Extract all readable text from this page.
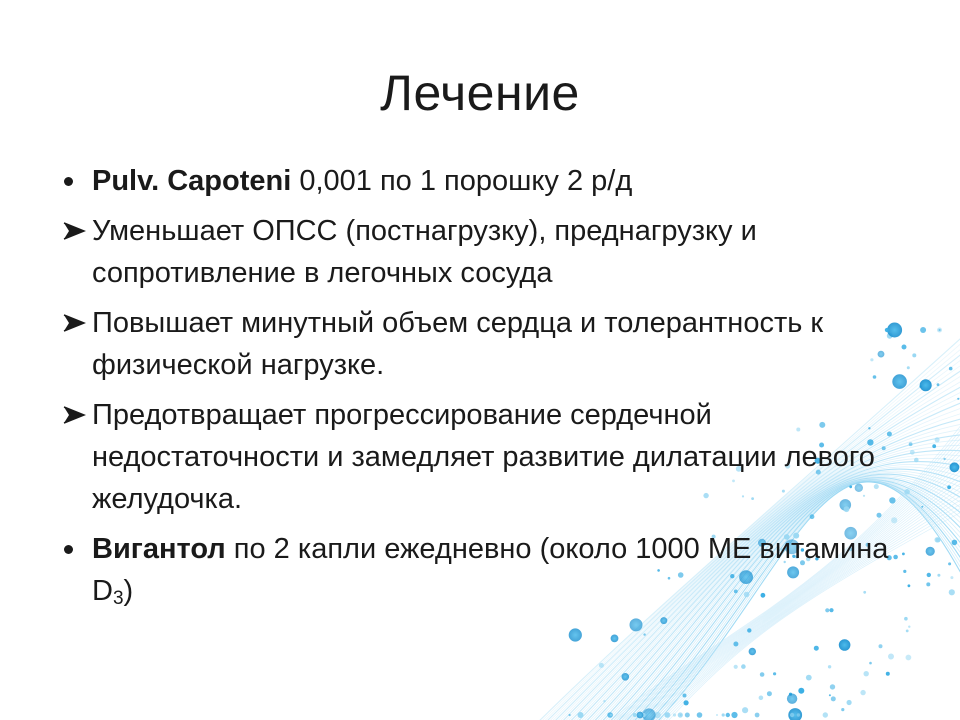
Лечение
Pulv. Capoteni 0,001 по 1 порошку 2 р/д
Уменьшает ОПСС (постнагрузку), преднагрузку и сопротивление в легочных сосуда
Повышает минутный объем сердца и толерантность к физической нагрузке.
Предотвращает прогрессирование сердечной недостаточности и замедляет развитие дилатации левого желудочка.
Вигантол по 2 капли ежедневно (около 1000 МЕ витамина $D_3$)
